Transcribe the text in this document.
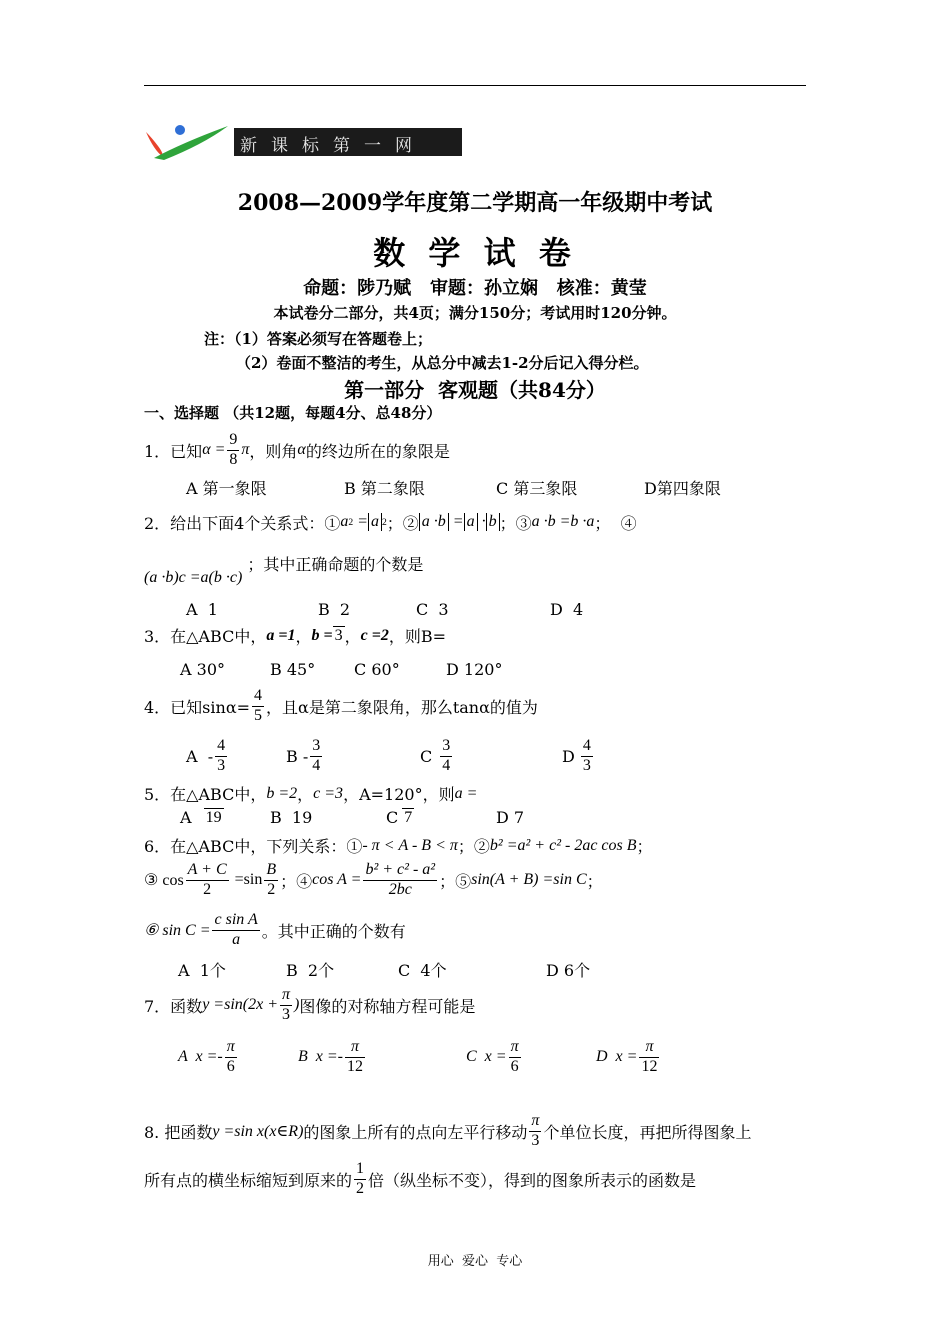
新课标第一网
2008—2009学年度第二学期高一年级期中考试
数 学 试 卷
命题：陟乃赋   审题：孙立娴   核准：黄莹
本试卷分二部分，共4页；满分150分；考试用时120分钟。
注：（1）答案必须写在答题卷上；
（2）卷面不整洁的考生，从总分中减去1-2分后记入得分栏。
第一部分  客观题（共84分）
一、选择题 （共12题，每题4分、总48分）
1．已知 $\alpha = \frac{9}{8}$ π ，则角 α 的终边所在的象限是
A 第一象限	B 第二象限	C 第三象限	D第四象限
2．给出下面4个关系式：① a 2 = a 2 ；② a ·b = a · b ；③ a ·b =b ·a ；  ④
(a ·b)c =a(b ·c) ；其中正确命题的个数是
A  1	B  2	C  3	D  4
3．在△ABC中， a =1 ， b = 3 ， c =2 ，则B=
A 30°	B 45° C 60°	D 120°
4．已知$\sin\alpha= \frac{4}{5}$ ，且α是第二象限角，那么tanα的值为
A  - $\frac{4}{3}$	B - $\frac{3}{4}$	C $\frac{3}{4}$	D $\frac{4}{3}$
5．在△ABC中， b =2 ， c =3 ，A=120°，则 a =
A 19	B  19	C 7	D 7
6．在△ABC中，下列关系：① - π < A - B < π ；② b² =a² + c² - 2ac cos B ；
③ $\cos \frac{A + C}{2} =\sin \frac{B}{2}$ ；④ $\cos A = \frac{\text{b² + c² - a²}}{2bc}$ ；⑤ sin(A + B) =sin C ；
⑥ $\sin C = \frac{\text{c sin A}}{a}$ 。其中正确的个数有
A  1个	B  2个	C  4个	D 6个
7．函数 $y =\sin(2x + \frac{\pi}{3}$ ) 图像的对称轴方程可能是
A  $x =- \frac{\pi}{6}$	B  $x =- \frac{\pi}{12}$	C  $x = \frac{\pi}{6}$	D  $x = \frac{\pi}{12}$
8. 把函数 y =sin x(x∈R) 的图象上所有的点向左平行移动 $\frac{\pi}{3}$ 个单位长度，再把所得图象上
所有点的横坐标缩短到原来的 $\frac{1}{2}$ 倍（纵坐标不变），得到的图象所表示的函数是
用心  爱心  专心
